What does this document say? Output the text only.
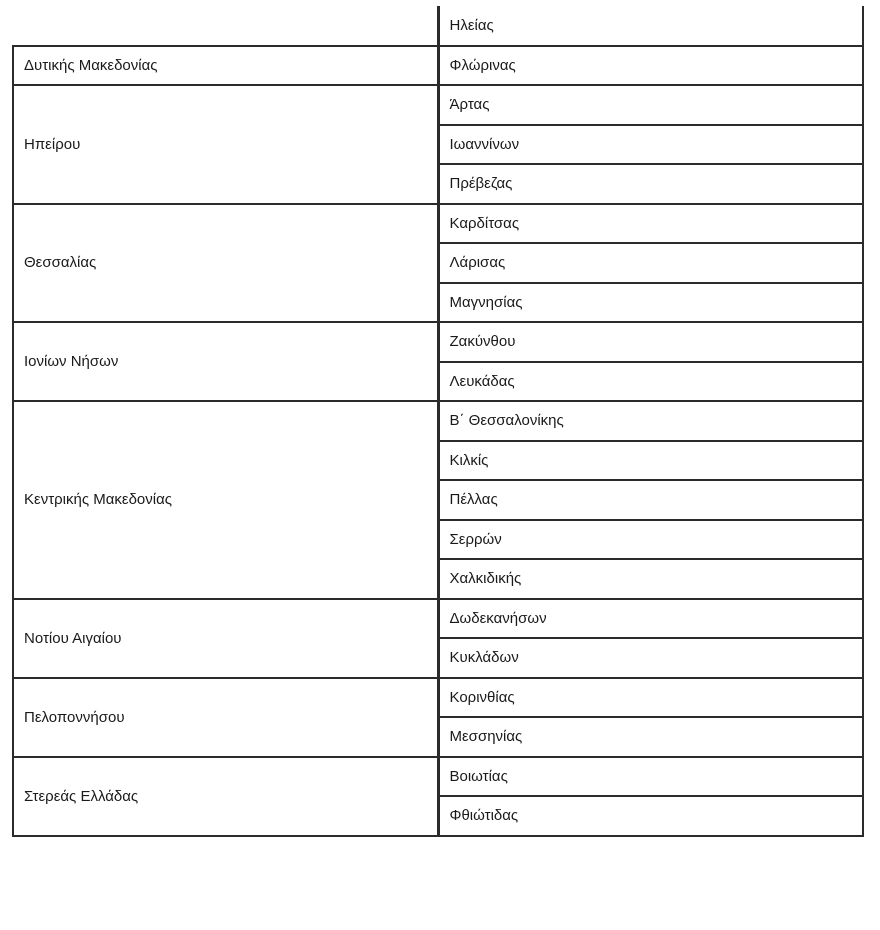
	Ηλείας
Δυτικής Μακεδονίας	Φλώρινας
Ηπείρου	Άρτας
	Ιωαννίνων
	Πρέβεζας
Θεσσαλίας	Καρδίτσας
	Λάρισας
	Μαγνησίας
Ιονίων Νήσων	Ζακύνθου
	Λευκάδας
Κεντρικής Μακεδονίας	Β΄ Θεσσαλονίκης
	Κιλκίς
	Πέλλας
	Σερρών
	Χαλκιδικής
Νοτίου Αιγαίου	Δωδεκανήσων
	Κυκλάδων
Πελοποννήσου	Κορινθίας
	Μεσσηνίας
Στερεάς Ελλάδας	Βοιωτίας
	Φθιώτιδας
